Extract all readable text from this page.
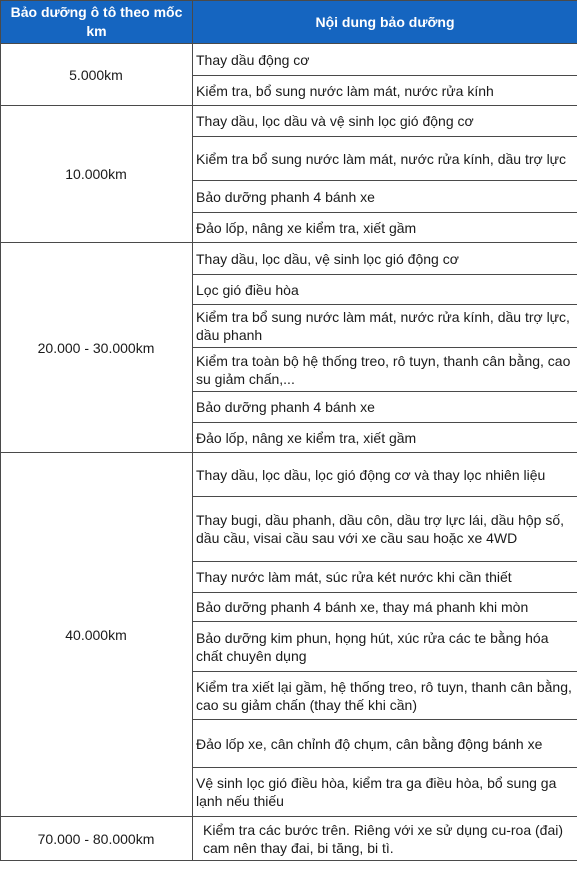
Bảo dưỡng ô tô theo mốc km	Nội dung bảo dưỡng
5.000km	Thay dầu động cơ
	Kiểm tra, bổ sung nước làm mát, nước rửa kính
10.000km	Thay dầu, lọc dầu và vệ sinh lọc gió động cơ
	Kiểm tra bổ sung nước làm mát, nước rửa kính, dầu trợ lực
	Bảo dưỡng phanh 4 bánh xe
	Đảo lốp, nâng xe kiểm tra, xiết gầm
20.000 - 30.000km	Thay dầu, lọc dầu, vệ sinh lọc gió động cơ
	Lọc gió điều hòa
	Kiểm tra bổ sung nước làm mát, nước rửa kính, dầu trợ lực, dầu phanh
	Kiểm tra toàn bộ hệ thống treo, rô tuyn, thanh cân bằng, cao su giảm chấn,...
	Bảo dưỡng phanh 4 bánh xe
	Đảo lốp, nâng xe kiểm tra, xiết gầm
40.000km	Thay dầu, lọc dầu, lọc gió động cơ và thay lọc nhiên liệu
	Thay bugi, dầu phanh, dầu côn, dầu trợ lực lái, dầu hộp số, dầu cầu, visai cầu sau với xe cầu sau hoặc xe 4WD
	Thay nước làm mát, súc rửa két nước khi cần thiết
	Bảo dưỡng phanh 4 bánh xe, thay má phanh khi mòn
	Bảo dưỡng kim phun, họng hút, xúc rửa các te bằng hóa chất chuyên dụng
	Kiểm tra xiết lại gầm, hệ thống treo, rô tuyn, thanh cân bằng, cao su giảm chấn (thay thế khi cần)
	Đảo lốp xe, cân chỉnh độ chụm, cân bằng động bánh xe
	Vệ sinh lọc gió điều hòa, kiểm tra ga điều hòa, bổ sung ga lạnh nếu thiếu
70.000 - 80.000km	Kiểm tra các bước trên. Riêng với xe sử dụng cu-roa (đai) cam nên thay đai, bi tăng, bi tì.
